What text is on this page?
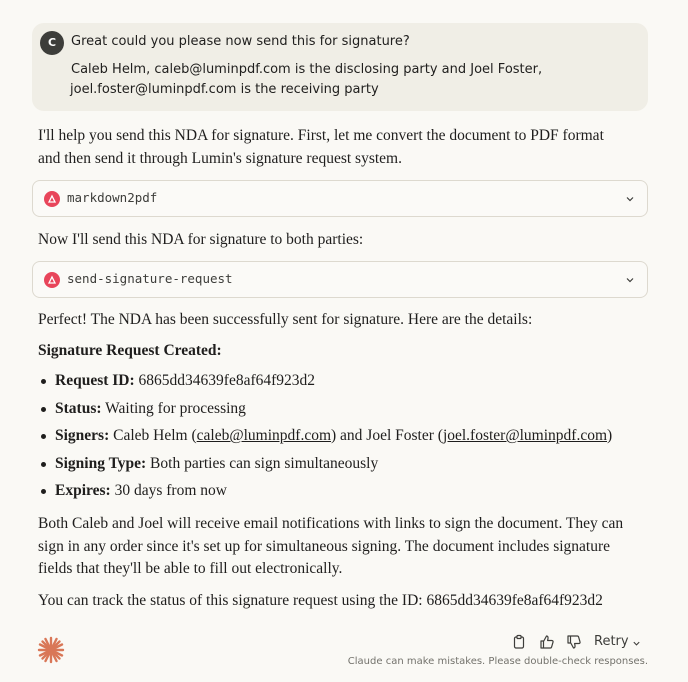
C	Great could you please now send this for signature?
Caleb Helm, caleb@luminpdf.com is the disclosing party and Joel Foster,
joel.foster@luminpdf.com is the receiving party
I'll help you send this NDA for signature. First, let me convert the document to PDF format
and then send it through Lumin's signature request system.
markdown2pdf
Now I'll send this NDA for signature to both parties:
send-signature-request
Perfect! The NDA has been successfully sent for signature. Here are the details:
Signature Request Created:
Request ID: 6865dd34639fe8af64f923d2
Status: Waiting for processing
Signers: Caleb Helm (caleb@luminpdf.com) and Joel Foster (joel.foster@luminpdf.com)
Signing Type: Both parties can sign simultaneously
Expires: 30 days from now
Both Caleb and Joel will receive email notifications with links to sign the document. They can
sign in any order since it's set up for simultaneous signing. The document includes signature
fields that they'll be able to fill out electronically.
You can track the status of this signature request using the ID: 6865dd34639fe8af64f923d2
Retry
Claude can make mistakes. Please double-check responses.
